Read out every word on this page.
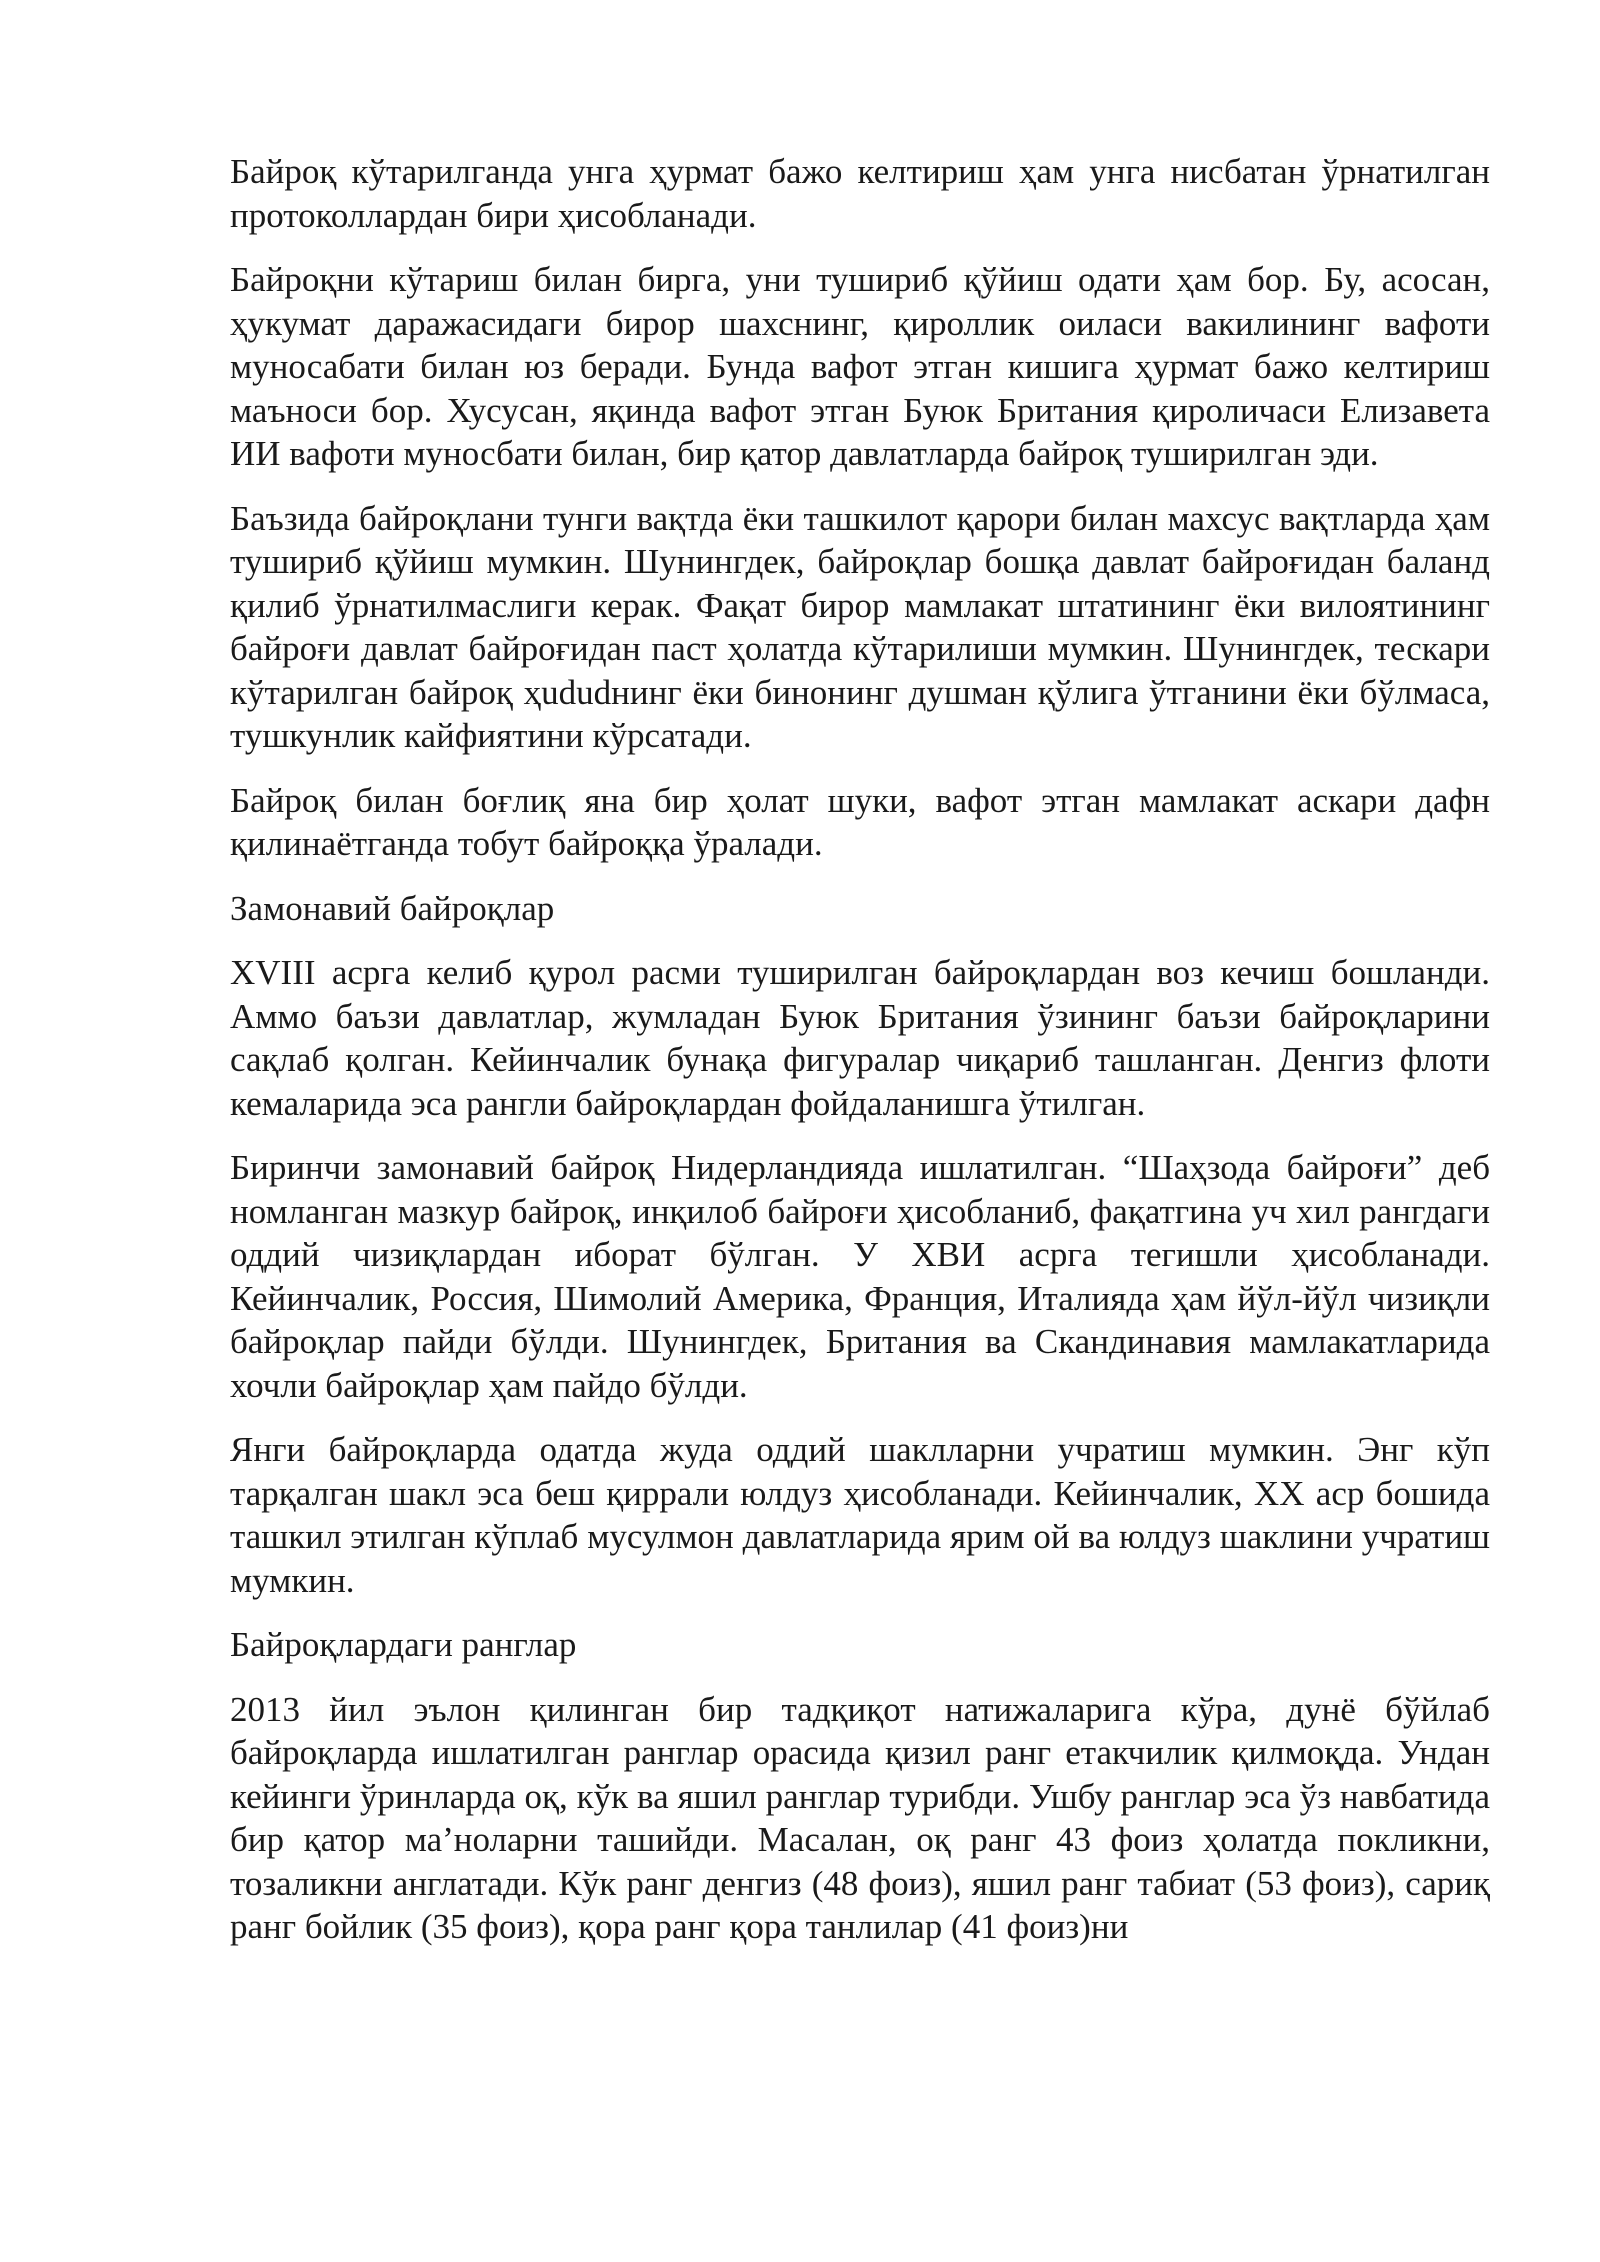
Байроқ кўтарилганда унга ҳурмат бажо келтириш ҳам унга нисбатан ўрнатилган протоколлардан бири ҳисобланади.

Байроқни кўтариш билан бирга, уни тушириб қўйиш одати ҳам бор. Бу, асосан, ҳукумат даражасидаги бирор шахснинг, қироллик оиласи вакилининг вафоти муносабати билан юз беради. Бунда вафот этган кишига ҳурмат бажо келтириш маъноси бор. Хусусан, яқинда вафот этган Буюк Британия қироличаси Елизавета ИИ вафоти муносбати билан, бир қатор давлатларда байроқ туширилган эди.

Баъзида байроқлани тунги вақтда ёки ташкилот қарори билан махсус вақтларда ҳам тушириб қўйиш мумкин. Шунингдек, байроқлар бошқа давлат байроғидан баланд қилиб ўрнатилмаслиги керак. Фақат бирор мамлакат штатининг ёки вилоятининг байроғи давлат байроғидан паст ҳолатда кўтарилиши мумкин. Шунингдек, тескари кўтарилган байроқ ҳududнинг ёки бинонинг душман қўлига ўтганини ёки бўлмаса, тушкунлик кайфиятини кўрсатади.

Байроқ билан боғлиқ яна бир ҳолат шуки, вафот этган мамлакат аскари дафн қилинаётганда тобут байроққа ўралади.

Замонавий байроқлар

XVIII асрга келиб қурол расми туширилган байроқлардан воз кечиш бошланди. Аммо баъзи давлатлар, жумладан Буюк Британия ўзининг баъзи байроқларини сақлаб қолган. Кейинчалик бунақа фигуралар чиқариб ташланган. Денгиз флоти кемаларида эса рангли байроқлардан фойдаланишга ўтилган.

Биринчи замонавий байроқ Нидерландияда ишлатилган. “Шаҳзода байроғи” деб номланган мазкур байроқ, инқилоб байроғи ҳисобланиб, фақатгина уч хил рангдаги оддий чизиқлардан иборат бўлган. У ХВИ асрга тегишли ҳисобланади. Кейинчалик, Россия, Шимолий Америка, Франция, Италияда ҳам йўл-йўл чизиқли байроқлар пайди бўлди. Шунингдек, Британия ва Скандинавия мамлакатларида хочли байроқлар ҳам пайдо бўлди.

Янги байроқларда одатда жуда оддий шаклларни учратиш мумкин. Энг кўп тарқалган шакл эса беш қиррали юлдуз ҳисобланади. Кейинчалик, ХХ аср бошида ташкил этилган кўплаб мусулмон давлатларида ярим ой ва юлдуз шаклини учратиш мумкин.

Байроқлардаги ранглар

2013 йил эълон қилинган бир тадқиқот натижаларига кўра, дунё бўйлаб байроқларда ишлатилган ранглар орасида қизил ранг етакчилик қилмоқда. Ундан кейинги ўринларда оқ, кўк ва яшил ранглар турибди. Ушбу ранглар эса ўз навбатида бир қатор ма’ноларни ташийди. Масалан, оқ ранг 43 фоиз ҳолатда покликни, тозаликни англатади. Кўк ранг денгиз (48 фоиз), яшил ранг табиат (53 фоиз), сариқ ранг бойлик (35 фоиз), қора ранг қора танлилар (41 фоиз)ни
